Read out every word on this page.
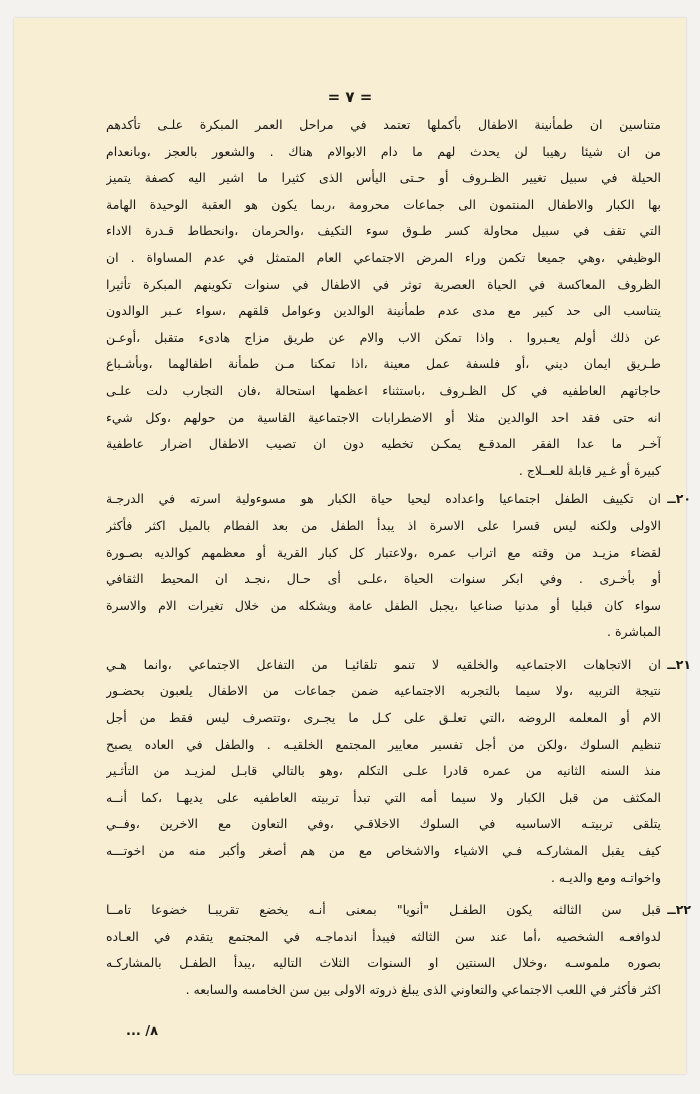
= ٧ =
متناسين ان طمأنينة الاطفال بأكملها تعتمد في مراحل العمر المبكرة علـى تأكدهم
من ان شيئا رهيبا لن يحدث لهم ما دام الابوالام هناك . والشعور بالعجز ،وبانعدام
الحيلة في سبيل تغيير الظـروف أو حـتى اليأس الذى كثيرا ما اشير اليه كصفة يتميز
بها الكبار والاطفال المنتمون الى جماعات محرومة ،ربما يكون هو العقبة الوحيدة الهامة
التي تقف في سبيل محاولة كسر طـوق سوء التكيف ،والحرمان ،وانحطاط قـدرة الاداء
الوظيفي ،وهي جميعا تكمن وراء المرض الاجتماعي العام المتمثل في عدم المساواة . ان
الظروف المعاكسة في الحياة العصرية توثر في الاطفال في سنوات تكوينهم المبكرة تأثيرا
يتناسب الى حد كبير مع مدى عدم طمأنينة الوالدين وعوامل قلقهم ،سواء عـبر الوالدون
عن ذلك أولم يعـبروا . واذا تمكن الاب والام عن طريق مزاج هادىء متقبل ،أوعـن
طـريق ايمان ديني ،أو فلسفة عمل معينة ،اذا تمكنا مـن طمأنة اطفالهما ،وبأشـباع
حاجاتهم العاطفيه في كل الظـروف ،باستثناء اعظمها استحالة ،فان التجارب دلت علـى
انه حتى فقد احد الوالدين مثلا أو الاضطرابات الاجتماعية القاسية من حولهم ،وكل شيء
آخـر ما عدا الفقر المدقـع يمكـن تخطيه دون ان تصيب الاطفال اضرار عاطفية
كبيرة أو غـير قابلة للعــلاج .
٢٠ــ
ان تكييف الطفل اجتماعيا واعداده ليحيا حياة الكبار هو مسوءولية اسرته في الدرجـة
الاولى ولكنه ليس قسرا على الاسرة اذ يبدأ الطفل من بعد الفطام بالميل اكثر فأكثر
لقضاء مزيـد من وقته مع اتراب عمره ،ولاعتبار كل كبار القرية أو معظمهم كوالديه بصـورة
أو بأخـرى . وفي ابكر سنوات الحياة ،علـى أى حـال ،نجـد ان المحيط الثقافي
سواء كان قبليا أو مدنيا صناعيا ،يجبل الطفل عامة ويشكله من خلال تغيرات الام والاسرة
المباشرة .
٢١ــ
ان الاتجاهات الاجتماعيه والخلقيه لا تنمو تلقائيـا من التفاعل الاجتماعي ،وانما هـي
نتيجة التربيه ،ولا سيما بالتجربه الاجتماعيه ضمن جماعات من الاطفال يلعبون بحضـور
الام أو المعلمه الروضه ،التي تعلـق على كـل ما يجـرى ،وتتصرف ليس فقط من أجل
تنظيم السلوك ،ولكن من أجل تفسير معايير المجتمع الخلقيـه . والطفل في العاده يصبح
منذ السنه الثانيه من عمره قادرا علـى التكلم ،وهو بالتالي قابـل لمزيـد من التأثـير
المكثف من قبل الكبار ولا سيما أمه التي تبدأ تربيته العاطفيه على يديهـا ،كما أنــه
يتلقى تربيتـه الاساسيه في السلوك الاخلاقـي ،وفي التعاون مع الاخرين ،وفــي
كيف يقبل المشاركـه فـي الاشياء والاشخاص مع من هم أصغر وأكبر منه من اخوتـــه
واخواتـه ومع والديـه .
٢٢ــ
قبل سن الثالثه يكون الطفـل "أنويا" بمعنى أنـه يخضع تقريبـا خضوعا تامــا
لدوافعـه الشخصيه ،أما عند سن الثالثه فيبدأ اندماجـه في المجتمع يتقدم في العـاده
بصوره ملموسـه ،وخلال السنتين او السنوات الثلاث التاليه ،يبدأ الطفـل بالمشاركـه
اكثر فأكثر في اللعب الاجتماعي والتعاوني الذى يبلغ ذروته الاولى بين سن الخامسه والسابعه .
٨/ ...
